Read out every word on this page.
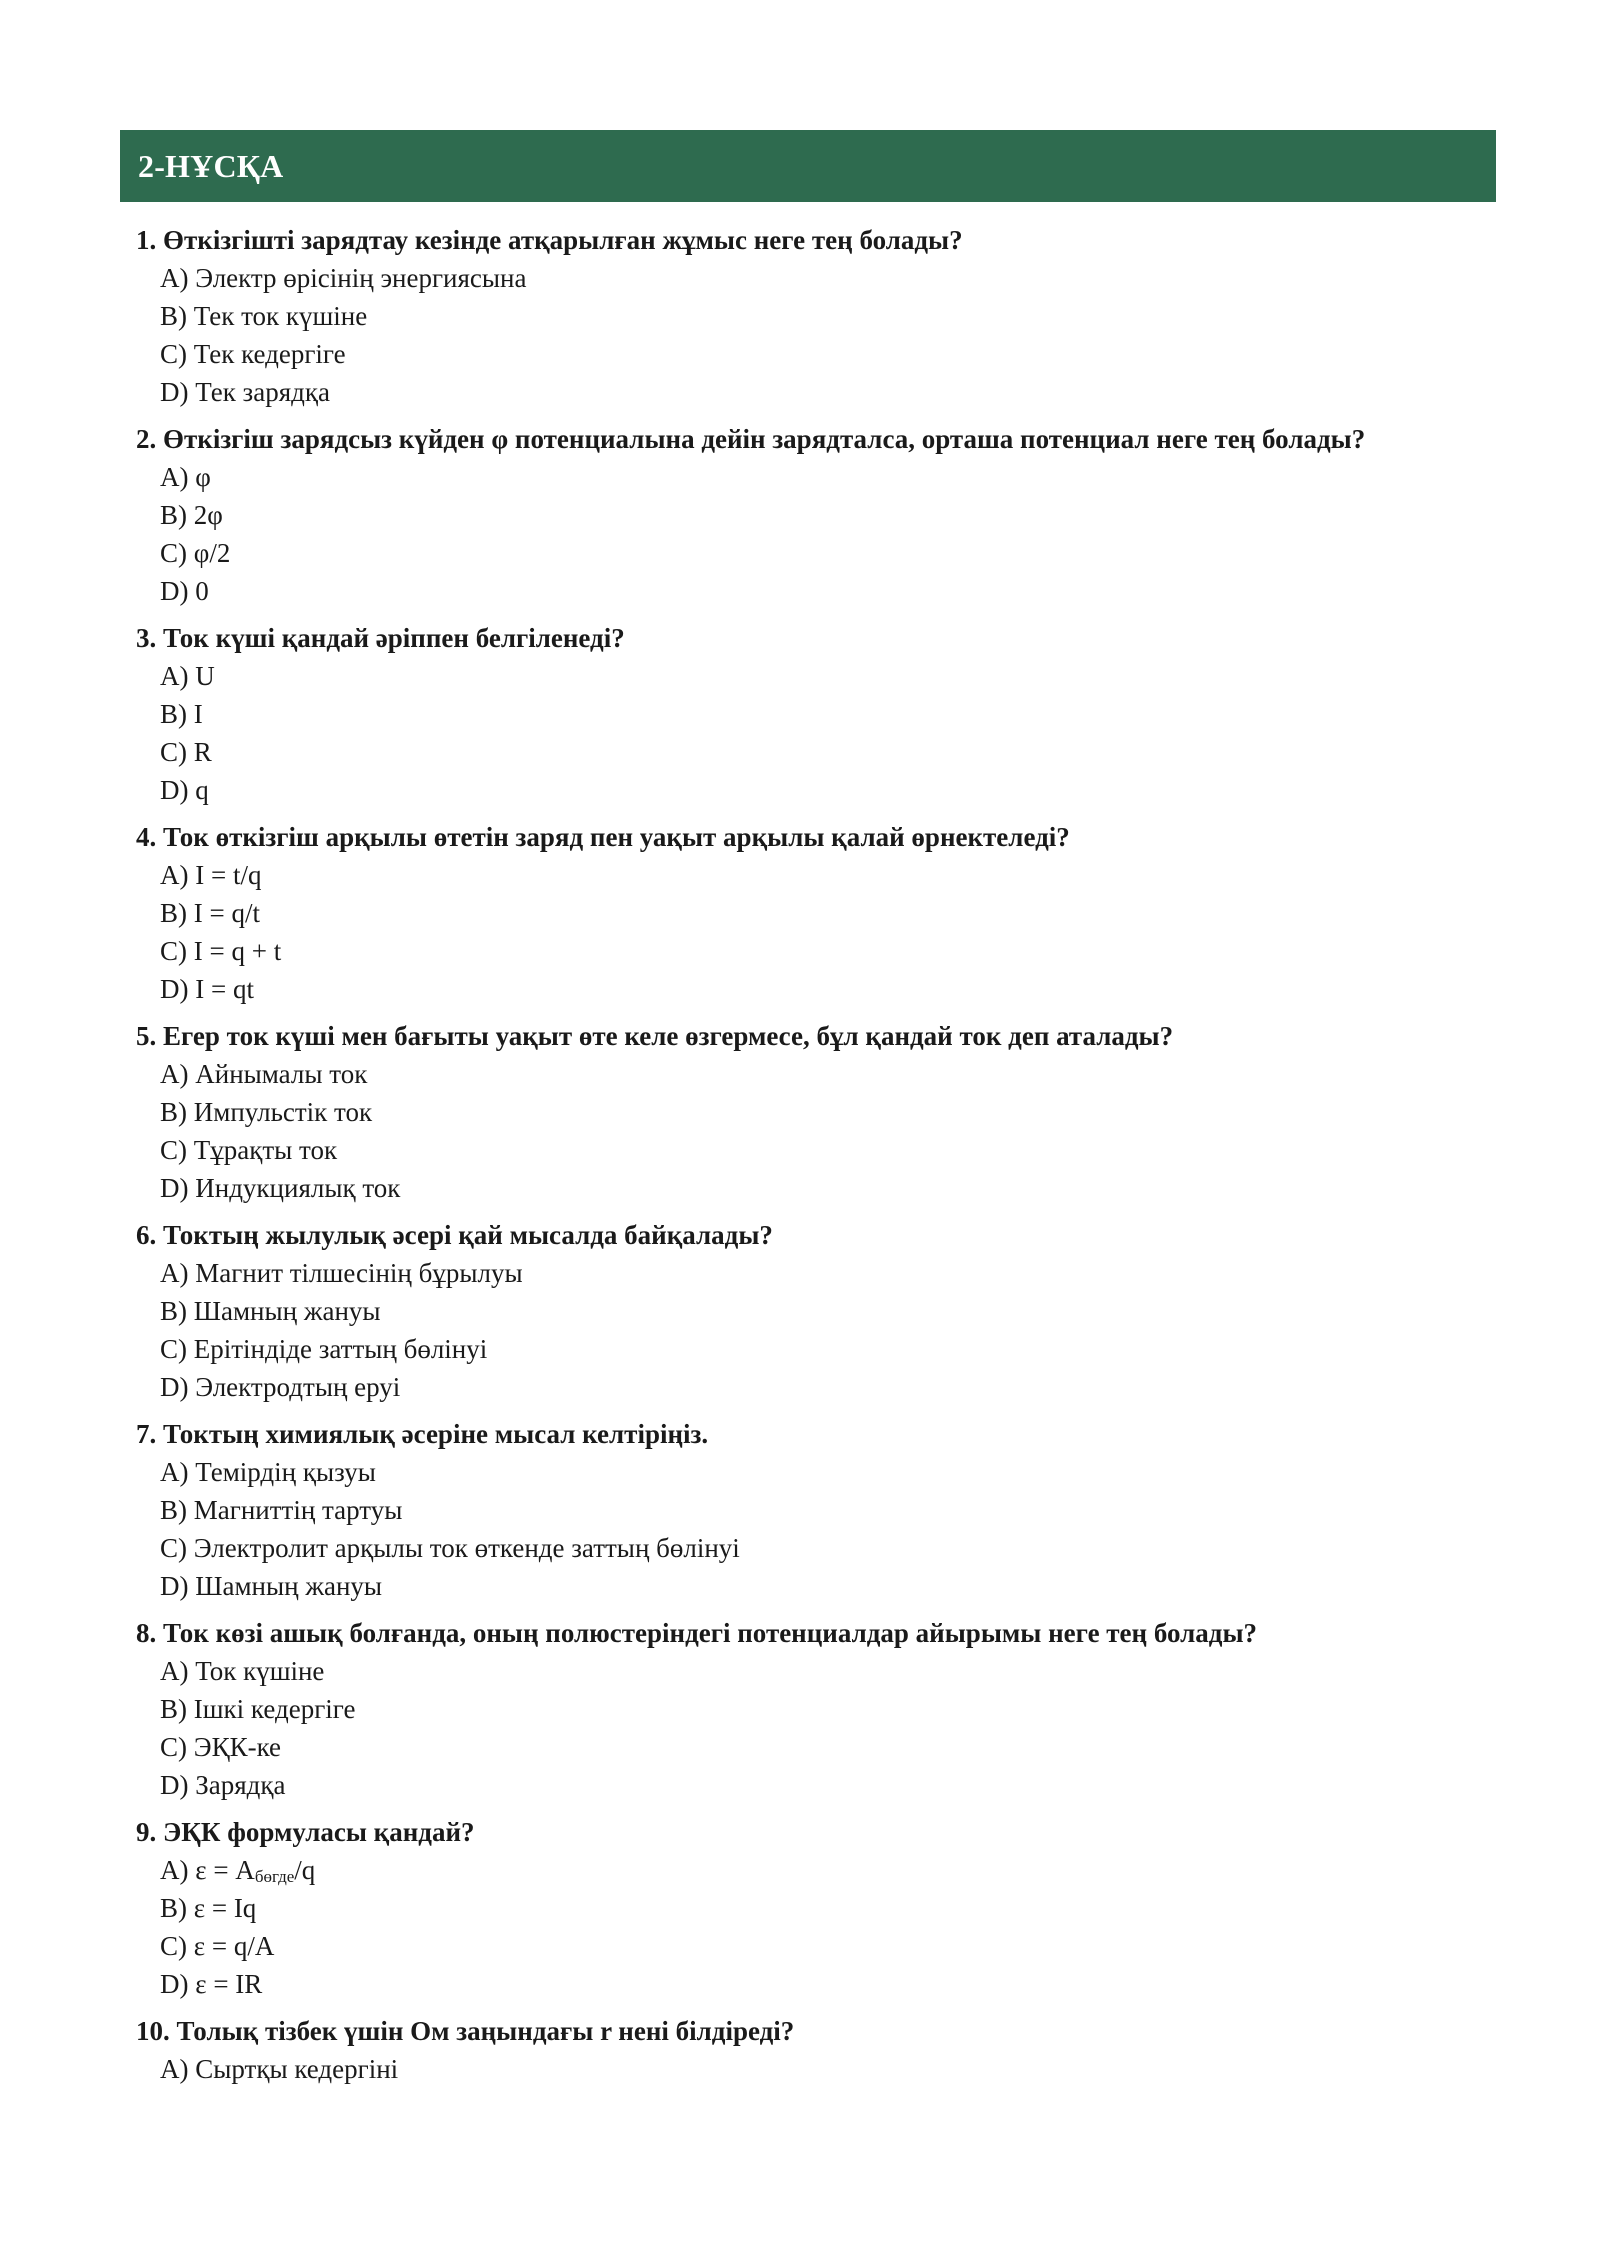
2-НҰСҚА
1. Өткізгішті зарядтау кезінде атқарылған жұмыс неге тең болады?
A) Электр өрісінің энергиясына
B) Тек ток күшіне
C) Тек кедергіге
D) Тек зарядқа
2. Өткізгіш зарядсыз күйден φ потенциалына дейін зарядталса, орташа потенциал неге тең болады?
A) φ
B) 2φ
C) φ/2
D) 0
3. Ток күші қандай әріппен белгіленеді?
A) U
B) I
C) R
D) q
4. Ток өткізгіш арқылы өтетін заряд пен уақыт арқылы қалай өрнектеледі?
A) I = t/q
B) I = q/t
C) I = q + t
D) I = qt
5. Егер ток күші мен бағыты уақыт өте келе өзгермесе, бұл қандай ток деп аталады?
A) Айнымалы ток
B) Импульстік ток
C) Тұрақты ток
D) Индукциялық ток
6. Токтың жылулық әсері қай мысалда байқалады?
A) Магнит тілшесінің бұрылуы
B) Шамның жануы
C) Ерітіндіде заттың бөлінуі
D) Электродтың еруі
7. Токтың химиялық әсеріне мысал келтіріңіз.
A) Темірдің қызуы
B) Магниттің тартуы
C) Электролит арқылы ток өткенде заттың бөлінуі
D) Шамның жануы
8. Ток көзі ашық болғанда, оның полюстеріндегі потенциалдар айырымы неге тең болады?
A) Ток күшіне
B) Ішкі кедергіге
C) ЭҚК-ке
D) Зарядқа
9. ЭҚК формуласы қандай?
A) $\varepsilon = A_{бөгде}/q$
B) ε = Iq
C) ε = q/A
D) ε = IR
10. Толық тізбек үшін Ом заңындағы r нені білдіреді?
A) Сыртқы кедергіні
